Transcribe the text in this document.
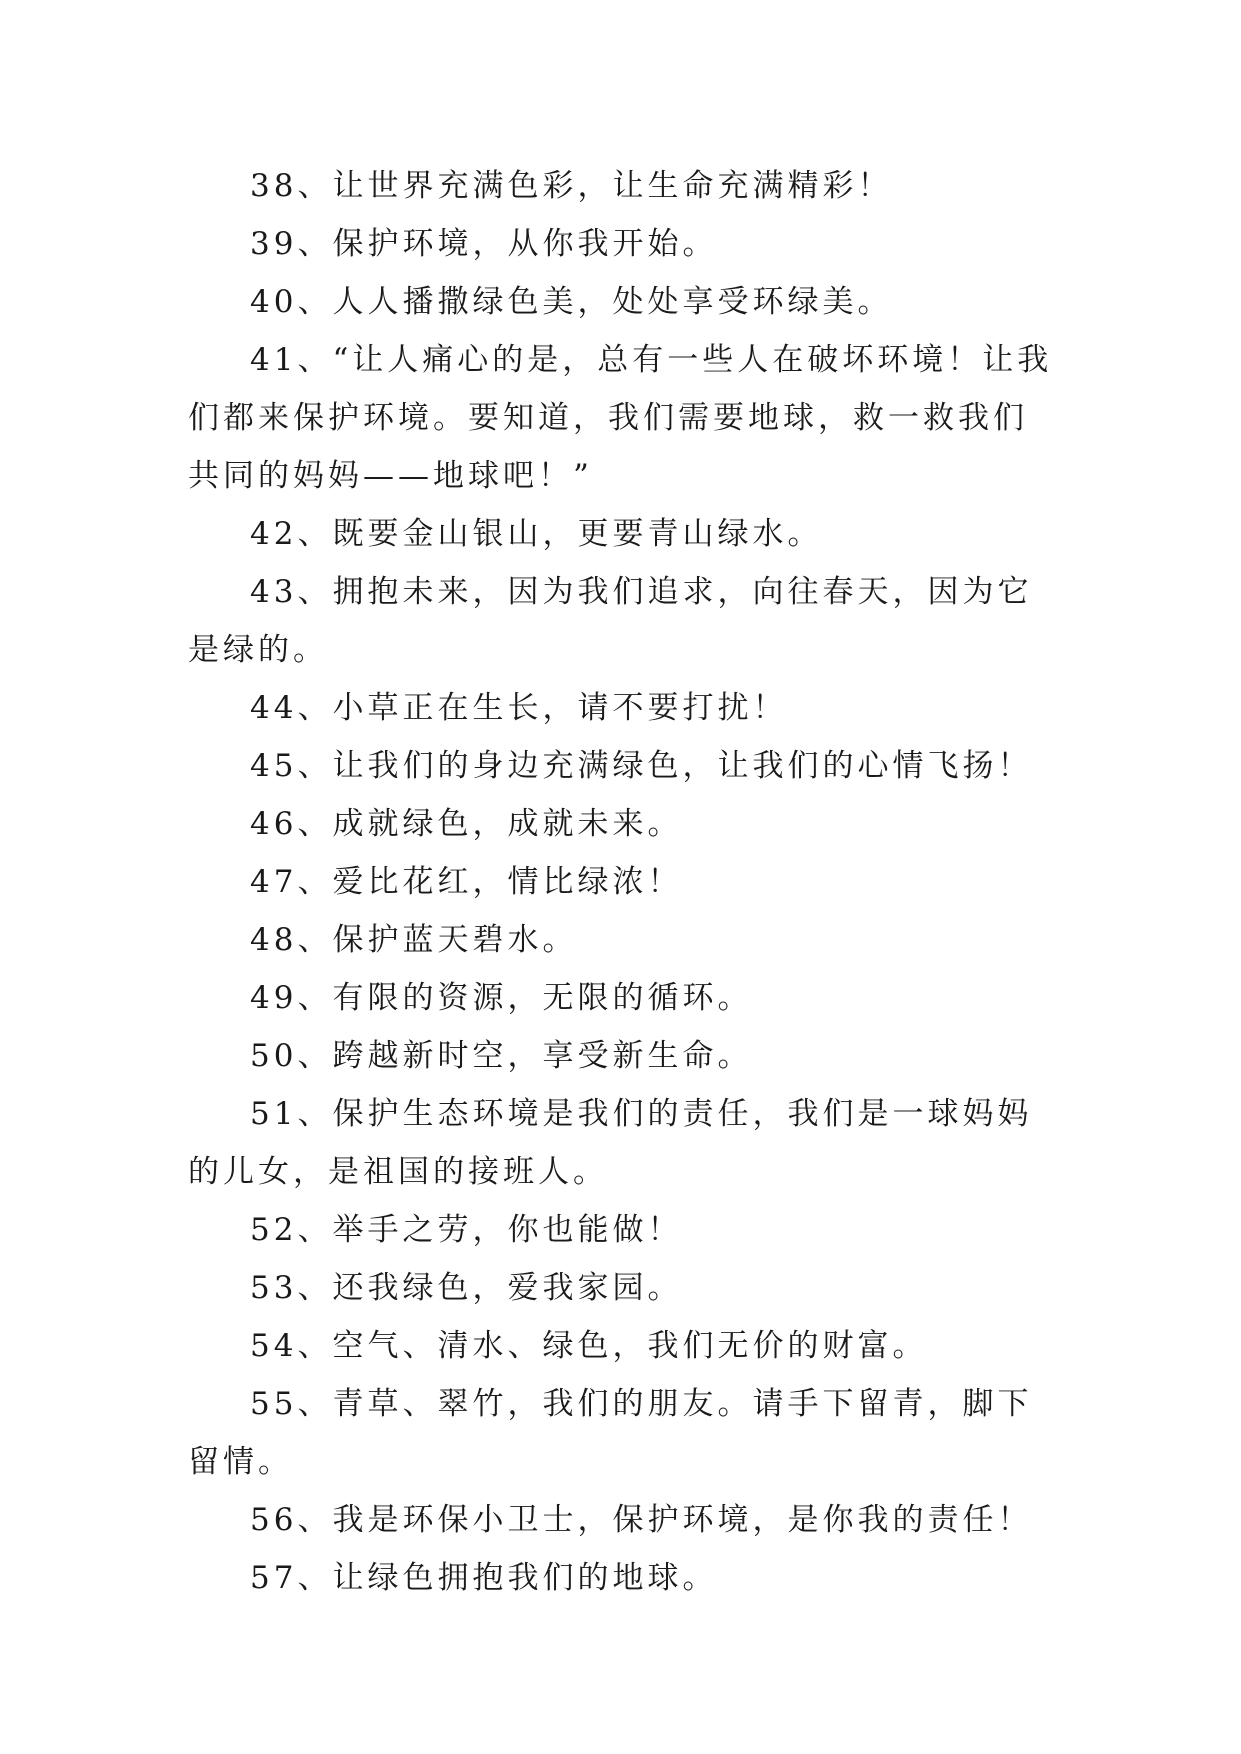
38、让世界充满色彩，让生命充满精彩！

39、保护环境，从你我开始。

40、人人播撒绿色美，处处享受环绿美。

41、“让人痛心的是，总有一些人在破坏环境！让我们都来保护环境。要知道，我们需要地球，救一救我们共同的妈妈——地球吧！”

42、既要金山银山，更要青山绿水。

43、拥抱未来，因为我们追求，向往春天，因为它是绿的。

44、小草正在生长，请不要打扰！

45、让我们的身边充满绿色，让我们的心情飞扬！

46、成就绿色，成就未来。

47、爱比花红，情比绿浓！

48、保护蓝天碧水。

49、有限的资源，无限的循环。

50、跨越新时空，享受新生命。

51、保护生态环境是我们的责任，我们是一球妈妈的儿女，是祖国的接班人。

52、举手之劳，你也能做！

53、还我绿色，爱我家园。

54、空气、清水、绿色，我们无价的财富。

55、青草、翠竹，我们的朋友。请手下留青，脚下留情。

56、我是环保小卫士，保护环境，是你我的责任！

57、让绿色拥抱我们的地球。
